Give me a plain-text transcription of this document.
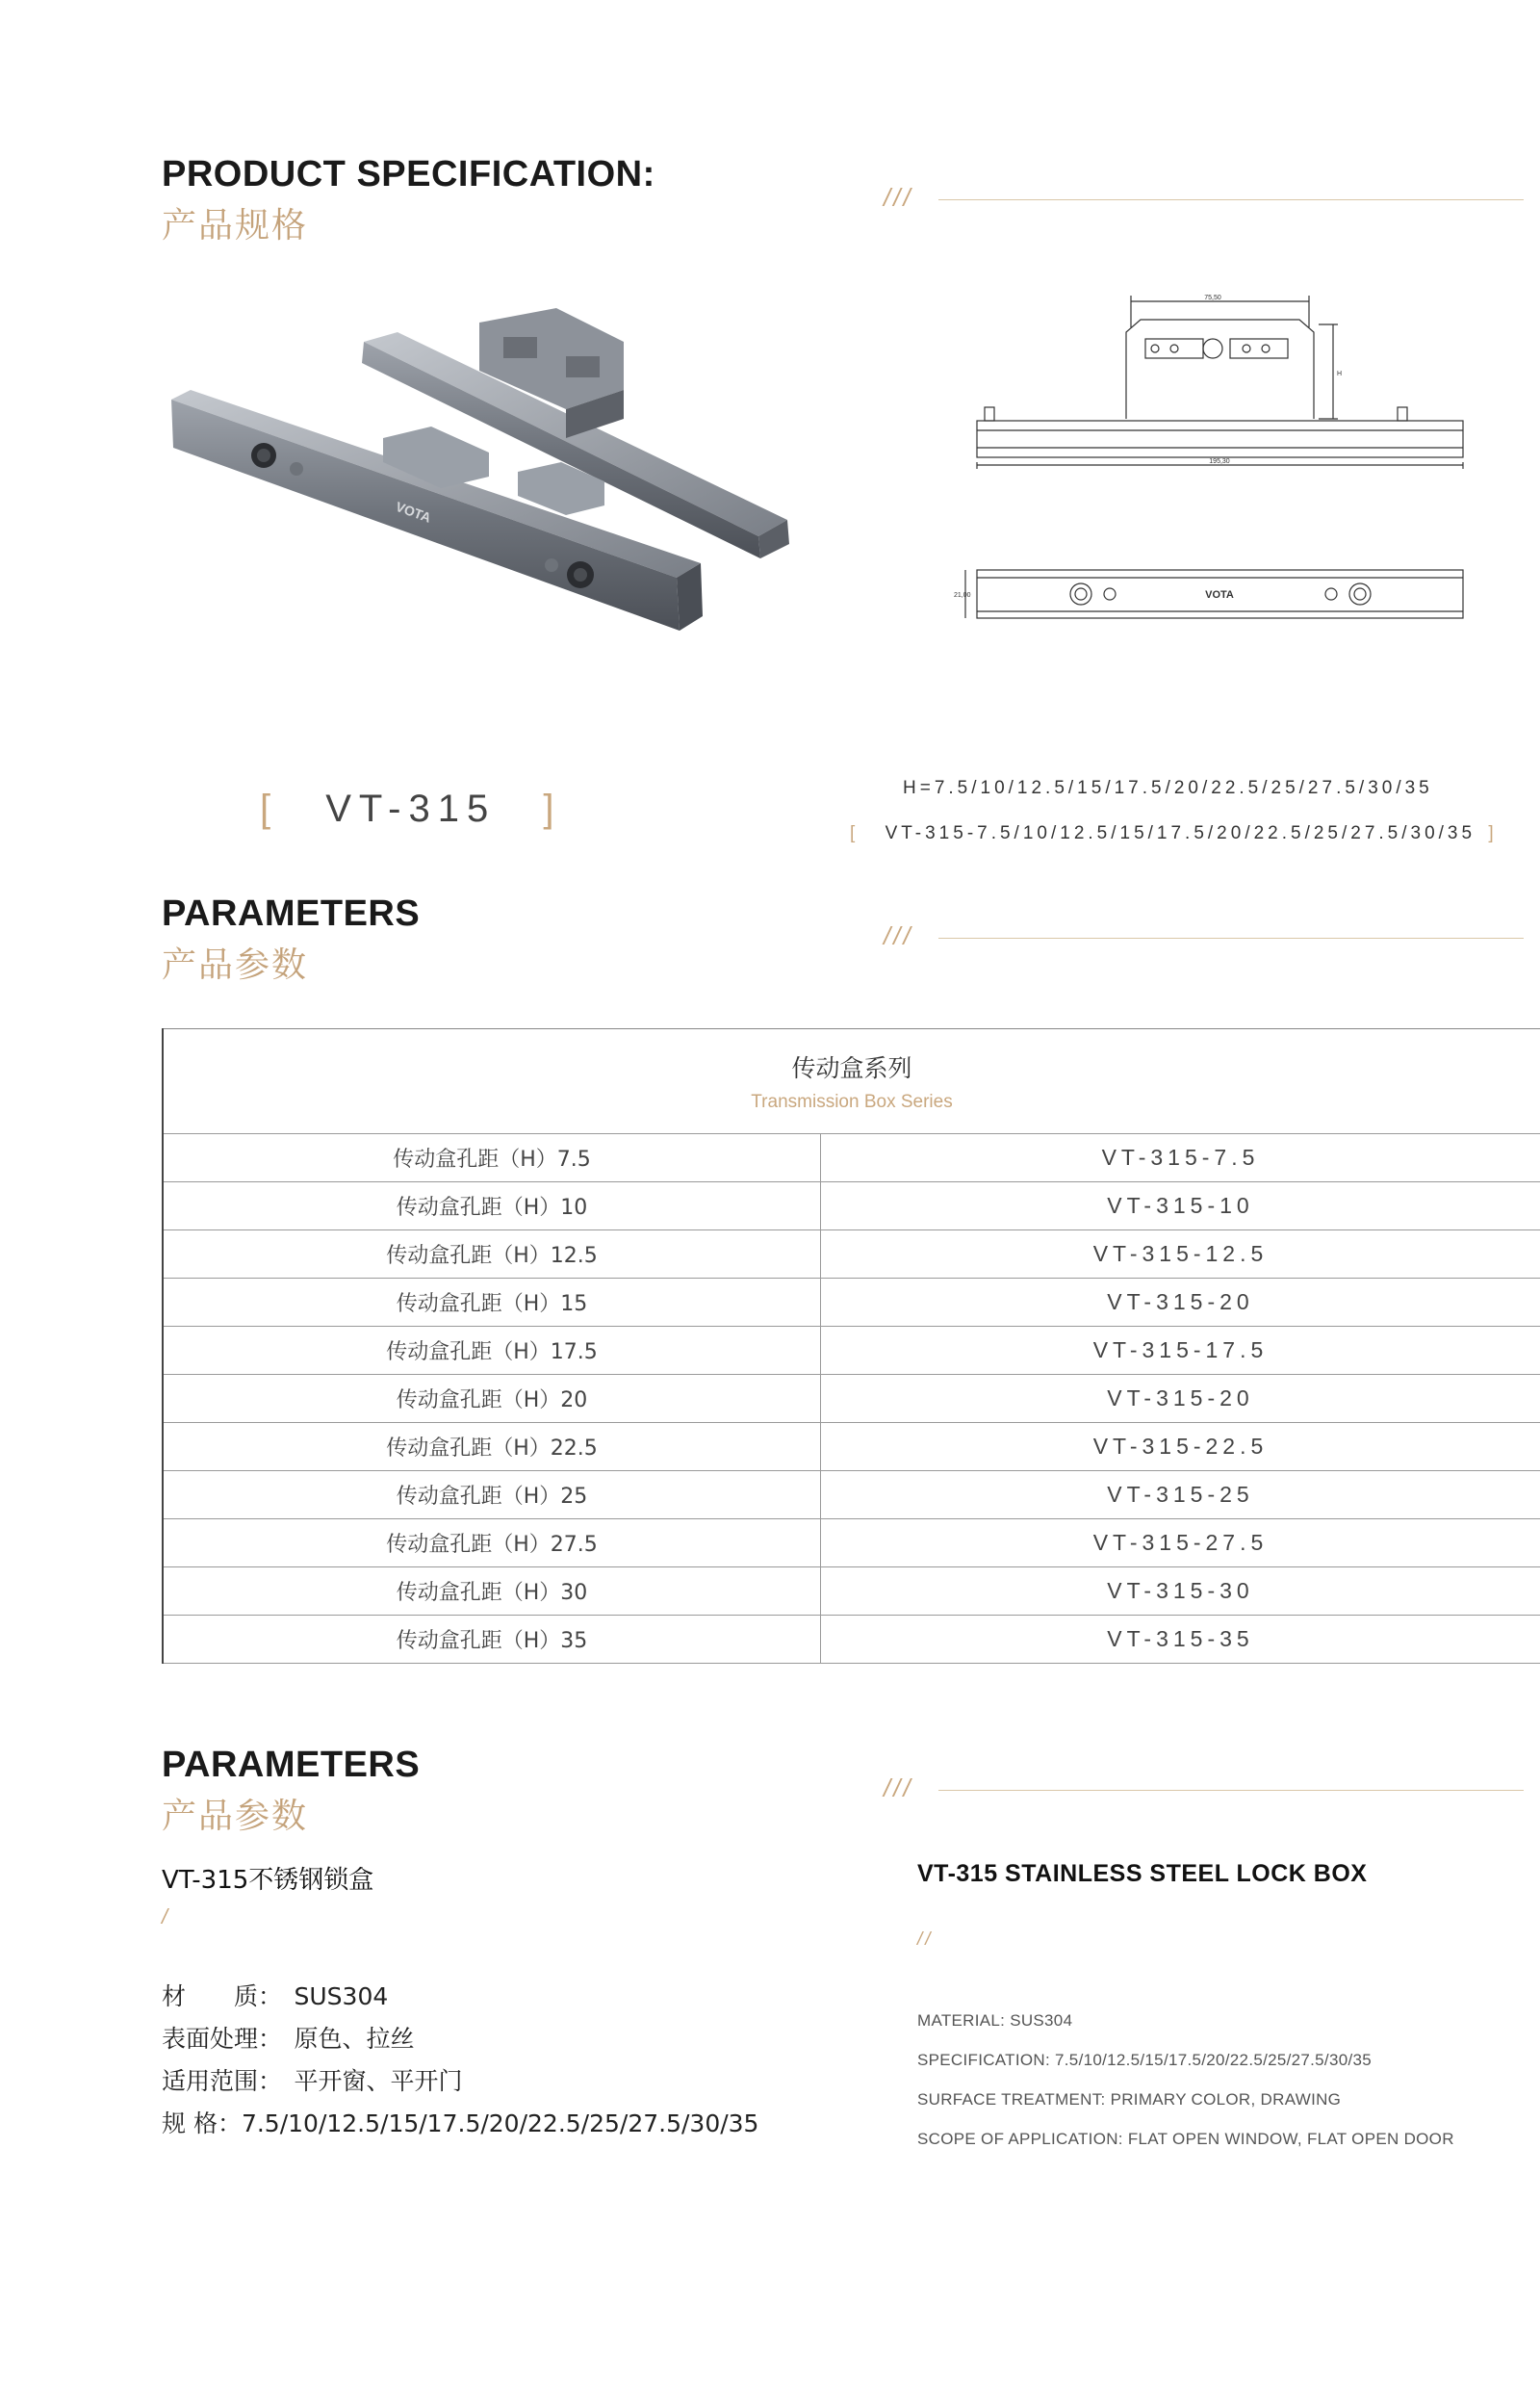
PRODUCT SPECIFICATION:
产品规格
///
VOTA
75,50
H
195,30
21,00	VOTA
[ VT-315 ]	H=7.5/10/12.5/15/17.5/20/22.5/25/27.5/30/35
[ VT-315-7.5/10/12.5/15/17.5/20/22.5/25/27.5/30/35 ]
PARAMETERS
产品参数
///
传动盒系列
Transmission Box Series	

传动盒孔距（H）7.5	VT-315-7.5
传动盒孔距（H）10	VT-315-10
传动盒孔距（H）12.5	VT-315-12.5
传动盒孔距（H）15	VT-315-20
传动盒孔距（H）17.5	VT-315-17.5
传动盒孔距（H）20	VT-315-20
传动盒孔距（H）22.5	VT-315-22.5
传动盒孔距（H）25	VT-315-25
传动盒孔距（H）27.5	VT-315-27.5
传动盒孔距（H）30	VT-315-30
传动盒孔距（H）35	VT-315-35
PARAMETERS
产品参数
///
VT-315不锈钢锁盒
/
VT-315 STAINLESS STEEL LOCK BOX
//
材　　质：　SUS304
表面处理：　原色、拉丝
适用范围：　平开窗、平开门
规 格：7.5/10/12.5/15/17.5/20/22.5/25/27.5/30/35
MATERIAL: SUS304
SPECIFICATION: 7.5/10/12.5/15/17.5/20/22.5/25/27.5/30/35
SURFACE TREATMENT: PRIMARY COLOR, DRAWING
SCOPE OF APPLICATION: FLAT OPEN WINDOW, FLAT OPEN DOOR
